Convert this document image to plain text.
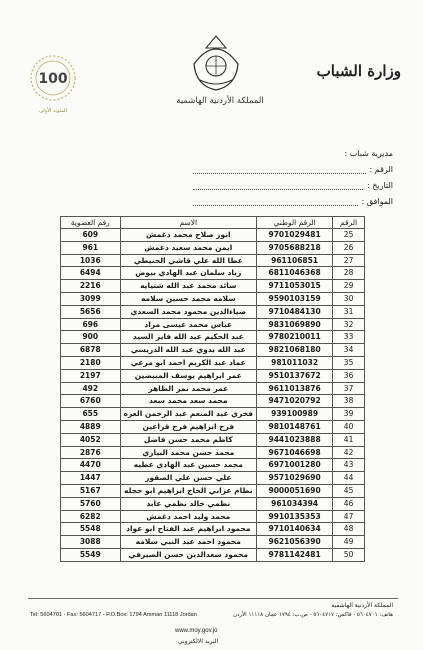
100
المئوية الأولى
المملكة الأردنية الهاشمية
وزارة الشباب
مديرية شباب :
الرقم :
التاريخ :
الموافق :
الرقم	الرقم الوطني	الاسم	رقم العضوية
25	9701029481	انور صلاح محمد دغمش	609
26	9705688218	ايمن محمد سعيد دغمش	961
27	961106851	عطا الله علي قاشي الحنيطي	1036
28	6811046368	زياد سلمان عبد الهادي بيوض	6494
29	9711053015	سائد محمد عبد الله شتيايه	2216
30	9590103159	سلامه محمد حسين سلامه	3099
31	9710484130	ضياءالدين محمود محمد السعدي	5656
32	9831069890	عباس محمد عيسى مراد	696
33	9780210011	عبد الحكيم عبد الله فايز السيد	900
34	9821068180	عبد الله بدوي عبد الله الدريسي	6878
35	981011032	عماد عبد الكريم احمد ابو مرعي	2180
36	9510137672	عمر ابراهيم يوسف المبيضين	2197
37	9611013876	عمر محمد نمر الظاهر	492
38	9471020792	محمد سعد محمد سعد	6760
39	939100989	فخري عبد المنعم عبد الرحمن العزه	655
40	9810148761	فرح ابراهيم فرح قراعين	4889
41	9441023888	كاظم محمد حسن فاضل	4052
42	9671046698	محمد حسن محمد البياري	2876
43	6971001280	محمد حسين عبد الهادي عطيه	4470
44	9571029690	علي حسن علي الصقور	1447
45	9000051690	نظام عزابي الحاج ابراهيم ابو حجله	5167
46	961034394	نظمي خالد نظمي عابد	5760
47	9910135353	محمد وليد احمد دغمش	6282
48	9710140634	محمود ابراهيم عبد الفتاح ابو عواد	5548
49	9621056390	محمود احمد عبد النبي سلامه	3088
50	9781142481	محمود سعدالدين حسن الصيرفي	5549
المملكة الأردنية الهاشمية
هاتف: ٥٦٠٤٧٠١ - فاكس: ٥٦٠٤٧١٧ - ص.ب: ١٧٩٤ عمان ١١١١٨ الأردن
Tel: 5604701 - Fax: 5604717 - P.O.Box: 1794 Amman 11118 Jordan
www.moy.gov.jo
البريد الالكتروني
